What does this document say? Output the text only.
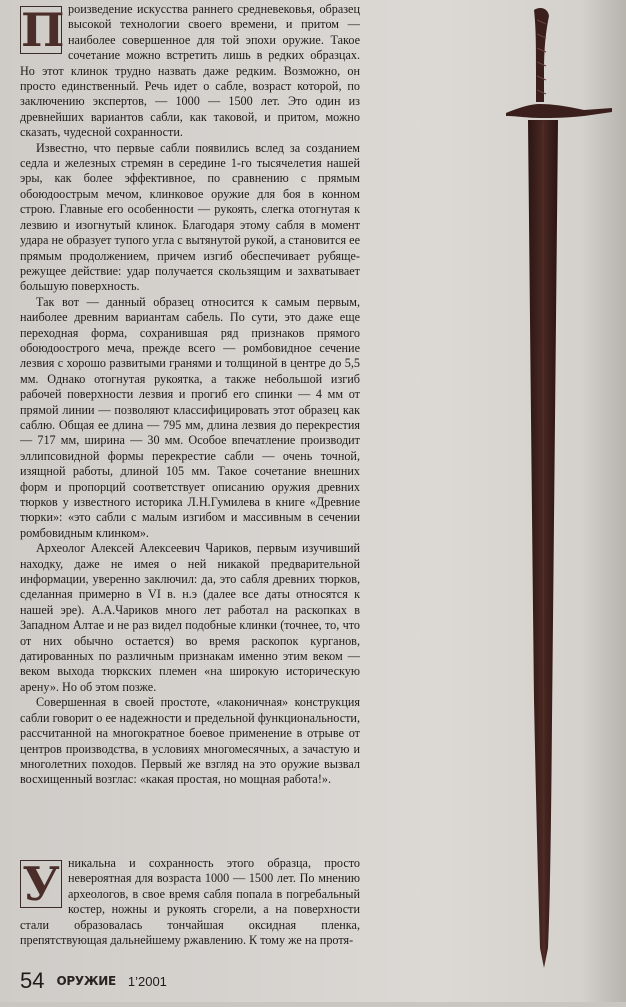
П роизведение искусства раннего средневековья, образец высокой технологии своего времени, и притом — наиболее совершенное для той эпохи оружие. Такое сочетание можно встретить лишь в редких образцах. Но этот клинок трудно назвать даже редким. Возможно, он просто единственный. Речь идет о сабле, возраст которой, по заключению экспертов, — 1000 — 1500 лет. Это один из древнейших вариантов сабли, как таковой, и притом, можно сказать, чудесной сохранности.

Известно, что первые сабли появились вслед за созданием седла и железных стремян в середине 1-го тысячелетия нашей эры, как более эффективное, по сравнению с прямым обоюдоострым мечом, клинковое оружие для боя в конном строю. Главные его особенности — рукоять, слегка отогнутая к лезвию и изогнутый клинок. Благодаря этому сабля в момент удара не образует тупого угла с вытянутой рукой, а становится ее прямым продолжением, причем изгиб обеспечивает рубяще-режущее действие: удар получается скользящим и захватывает большую поверхность.

Так вот — данный образец относится к самым первым, наиболее древним вариантам сабель. По сути, это даже еще переходная форма, сохранившая ряд признаков прямого обоюдоострого меча, прежде всего — ромбовидное сечение лезвия с хорошо развитыми гранями и толщиной в центре до 5,5 мм. Однако отогнутая рукоятка, а также небольшой изгиб рабочей поверхности лезвия и прогиб его спинки — 4 мм от прямой линии — позволяют классифицировать этот образец как саблю. Общая ее длина — 795 мм, длина лезвия до перекрестия — 717 мм, ширина — 30 мм. Особое впечатление производит эллипсовидной формы перекрестие сабли — очень точной, изящной работы, длиной 105 мм. Такое сочетание внешних форм и пропорций соответствует описанию оружия древних тюрков у известного историка Л.Н.Гумилева в книге «Древние тюрки»: «это сабли с малым изгибом и массивным в сечении ромбовидным клинком».

Археолог Алексей Алексеевич Чариков, первым изучивший находку, даже не имея о ней никакой предварительной информации, уверенно заключил: да, это сабля древних тюрков, сделанная примерно в VI в. н.э (далее все даты относятся к нашей эре). А.А.Чариков много лет работал на раскопках в Западном Алтае и не раз видел подобные клинки (точнее, то, что от них обычно остается) во время раскопок курганов, датированных по различным признакам именно этим веком — веком выхода тюркских племен «на широкую историческую арену». Но об этом позже.

Совершенная в своей простоте, «лаконичная» конструкция сабли говорит о ее надежности и предельной функциональности, рассчитанной на многократное боевое применение в отрыве от центров производства, в условиях многомесячных, а зачастую и многолетних походов. Первый же взгляд на это оружие вызвал восхищенный возглас: «какая простая, но мощная работа!».

У никальна и сохранность этого образца, просто невероятная для возраста 1000 — 1500 лет. По мнению археологов, в свое время сабля попала в погребальный костер, ножны и рукоять сгорели, а на поверхности стали образовалась тончайшая оксидная пленка, препятствующая дальнейшему ржавлению. К тому же на протя-

54 ОРУЖИЕ 1’2001
